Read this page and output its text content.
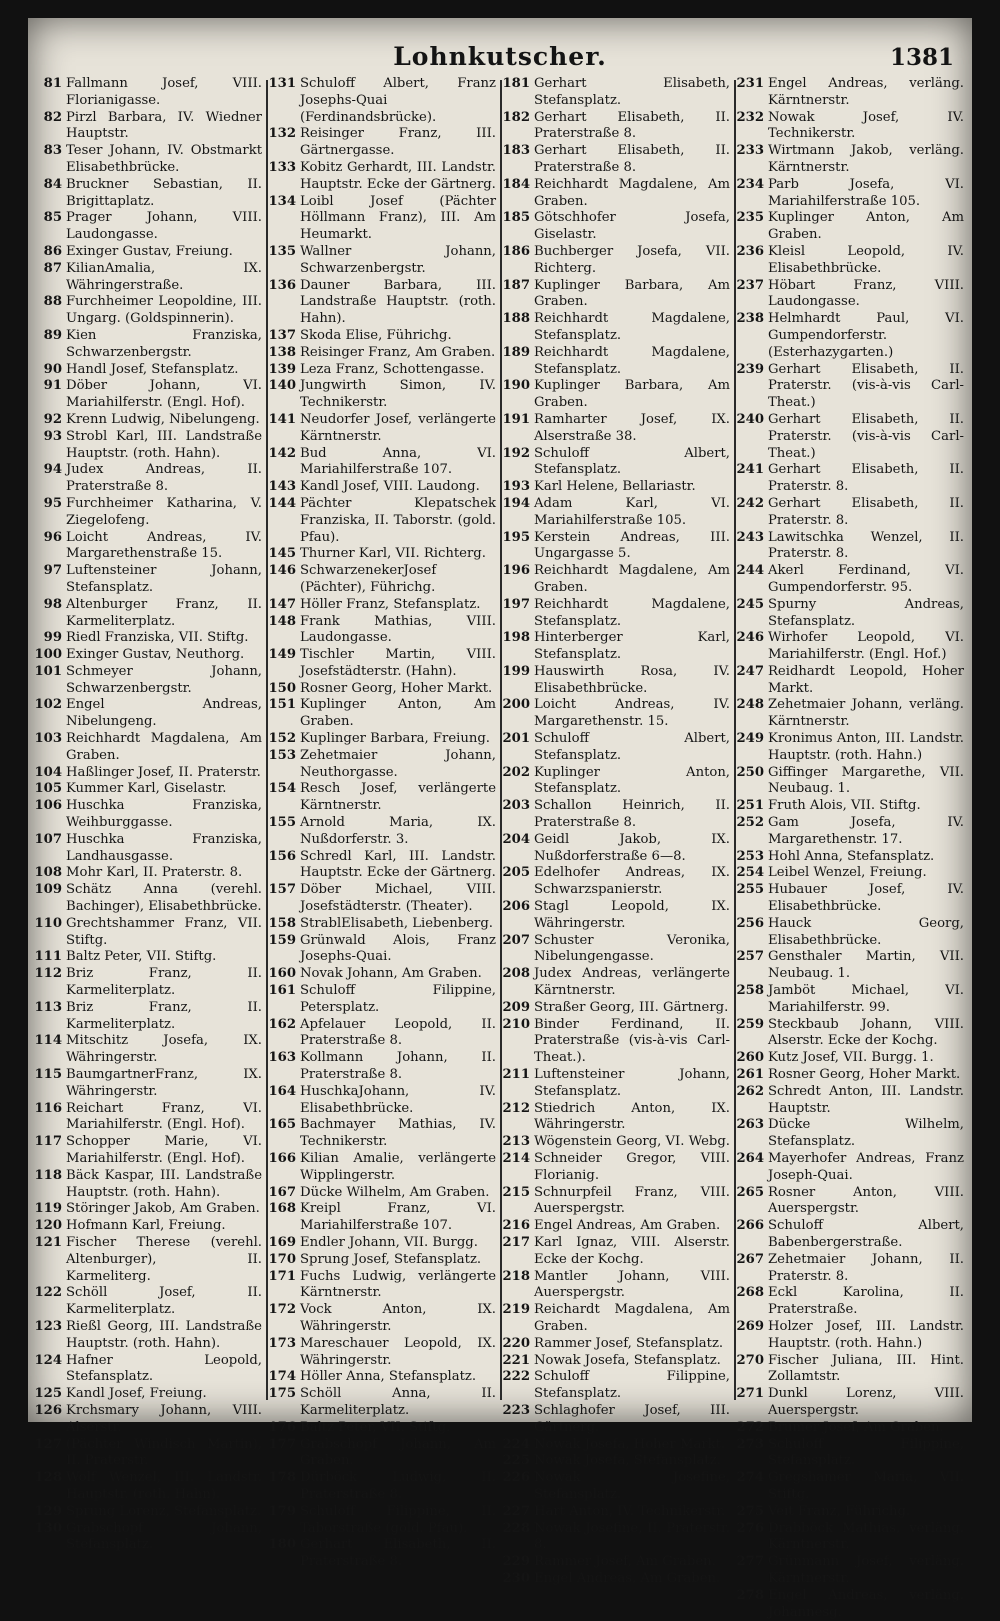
Lohnkutscher.	1381
81 Fallmann Josef, VIII. Florianigasse.
82 Pirzl Barbara, IV. Wiedner Hauptstr.
83 Teser Johann, IV. Obstmarkt Elisabethbrücke.
84 Bruckner Sebastian, II. Brigittaplatz.
85 Prager Johann, VIII. Laudongasse.
86 Exinger Gustav, Freiung.
87 KilianAmalia, IX. Währingerstraße.
88 Furchheimer Leopoldine, III. Ungarg. (Goldspinnerin).
89 Kien Franziska, Schwarzenbergstr.
90 Handl Josef, Stefansplatz.
91 Döber Johann, VI. Mariahilferstr. (Engl. Hof).
92 Krenn Ludwig, Nibelungeng.
93 Strobl Karl, III. Landstraße Hauptstr. (roth. Hahn).
94 Judex Andreas, II. Praterstraße 8.
95 Furchheimer Katharina, V. Ziegelofeng.
96 Loicht Andreas, IV. Margarethenstraße 15.
97 Luftensteiner Johann, Stefansplatz.
98 Altenburger Franz, II. Karmeliterplatz.
99 Riedl Franziska, VII. Stiftg.
100 Exinger Gustav, Neuthorg.
101 Schmeyer Johann, Schwarzenbergstr.
102 Engel Andreas, Nibelungeng.
103 Reichhardt Magdalena, Am Graben.
104 Haßlinger Josef, II. Praterstr.
105 Kummer Karl, Giselastr.
106 Huschka Franziska, Weihburggasse.
107 Huschka Franziska, Landhausgasse.
108 Mohr Karl, II. Praterstr. 8.
109 Schätz Anna (verehl. Bachinger), Elisabethbrücke.
110 Grechtshammer Franz, VII. Stiftg.
111 Baltz Peter, VII. Stiftg.
112 Briz Franz, II. Karmeliterplatz.
113 Briz Franz, II. Karmeliterplatz.
114 Mitschitz Josefa, IX. Währingerstr.
115 BaumgartnerFranz, IX. Währingerstr.
116 Reichart Franz, VI. Mariahilferstr. (Engl. Hof).
117 Schopper Marie, VI. Mariahilferstr. (Engl. Hof).
118 Bäck Kaspar, III. Landstraße Hauptstr. (roth. Hahn).
119 Störinger Jakob, Am Graben.
120 Hofmann Karl, Freiung.
121 Fischer Therese (verehl. Altenburger), II. Karmeliterg.
122 Schöll Josef, II. Karmeliterplatz.
123 Rießl Georg, III. Landstraße Hauptstr. (roth. Hahn).
124 Hafner Leopold, Stefansplatz.
125 Kandl Josef, Freiung.
126 Krchsmary Johann, VIII. Alserstr.
127 (Pächter Windisch Martin), II. Praterstr.
128 Wolf Wenzel, III. Landstr. Hauptstr. (roth. Hahn).
129 Sprung Lorenz, Stefansplatz.
130 Grabschopf Johann, Stefansplatz.
131 Schuloff Albert, Franz Josephs-Quai (Ferdinandsbrücke).
132 Reisinger Franz, III. Gärtnergasse.
133 Kobitz Gerhardt, III. Landstr. Hauptstr. Ecke der Gärtnerg.
134 Loibl Josef (Pächter Höllmann Franz), III. Am Heumarkt.
135 Wallner Johann, Schwarzenbergstr.
136 Dauner Barbara, III. Landstraße Hauptstr. (roth. Hahn).
137 Skoda Elise, Führichg.
138 Reisinger Franz, Am Graben.
139 Leza Franz, Schottengasse.
140 Jungwirth Simon, IV. Technikerstr.
141 Neudorfer Josef, verlängerte Kärntnerstr.
142 Bud Anna, VI. Mariahilferstraße 107.
143 Kandl Josef, VIII. Laudong.
144 Pächter Klepatschek Franziska, II. Taborstr. (gold. Pfau).
145 Thurner Karl, VII. Richterg.
146 SchwarzenekerJosef (Pächter), Führichg.
147 Höller Franz, Stefansplatz.
148 Frank Mathias, VIII. Laudongasse.
149 Tischler Martin, VIII. Josefstädterstr. (Hahn).
150 Rosner Georg, Hoher Markt.
151 Kuplinger Anton, Am Graben.
152 Kuplinger Barbara, Freiung.
153 Zehetmaier Johann, Neuthorgasse.
154 Resch Josef, verlängerte Kärntnerstr.
155 Arnold Maria, IX. Nußdorferstr. 3.
156 Schredl Karl, III. Landstr. Hauptstr. Ecke der Gärtnerg.
157 Döber Michael, VIII. Josefstädterstr. (Theater).
158 StrablElisabeth, Liebenberg.
159 Grünwald Alois, Franz Josephs-Quai.
160 Novak Johann, Am Graben.
161 Schuloff Filippine, Petersplatz.
162 Apfelauer Leopold, II. Praterstraße 8.
163 Kollmann Johann, II. Praterstraße 8.
164 HuschkaJohann, IV. Elisabethbrücke.
165 Bachmayer Mathias, IV. Technikerstr.
166 Kilian Amalie, verlängerte Wipplingerstr.
167 Dücke Wilhelm, Am Graben.
168 Kreipl Franz, VI. Mariahilferstraße 107.
169 Endler Johann, VII. Burgg.
170 Sprung Josef, Stefansplatz.
171 Fuchs Ludwig, verlängerte Kärntnerstr.
172 Vock Anton, IX. Währingerstr.
173 Mareschauer Leopold, IX. Währingerstr.
174 Höller Anna, Stefansplatz.
175 Schöll Anna, II. Karmeliterplatz.
176 Baltz Peter, VII. Stiftg.
177 Grabschopf Johann, Am Graben.
178 Dürböck Ludwig, II. Praterstraße 8.
179 Schuloff Filippine, II. Taborstraße (gold. Pfau).
180 Gerhart Elisabeth, II. Praterstraße 8.
181 Gerhart Elisabeth, Stefansplatz.
182 Gerhart Elisabeth, II. Praterstraße 8.
183 Gerhart Elisabeth, II. Praterstraße 8.
184 Reichhardt Magdalene, Am Graben.
185 Götschhofer Josefa, Giselastr.
186 Buchberger Josefa, VII. Richterg.
187 Kuplinger Barbara, Am Graben.
188 Reichhardt Magdalene, Stefansplatz.
189 Reichhardt Magdalene, Stefansplatz.
190 Kuplinger Barbara, Am Graben.
191 Ramharter Josef, IX. Alserstraße 38.
192 Schuloff Albert, Stefansplatz.
193 Karl Helene, Bellariastr.
194 Adam Karl, VI. Mariahilferstraße 105.
195 Kerstein Andreas, III. Ungargasse 5.
196 Reichhardt Magdalene, Am Graben.
197 Reichhardt Magdalene, Stefansplatz.
198 Hinterberger Karl, Stefansplatz.
199 Hauswirth Rosa, IV. Elisabethbrücke.
200 Loicht Andreas, IV. Margarethenstr. 15.
201 Schuloff Albert, Stefansplatz.
202 Kuplinger Anton, Stefansplatz.
203 Schallon Heinrich, II. Praterstraße 8.
204 Geidl Jakob, IX. Nußdorferstraße 6—8.
205 Edelhofer Andreas, IX. Schwarzspanierstr.
206 Stagl Leopold, IX. Währingerstr.
207 Schuster Veronika, Nibelungengasse.
208 Judex Andreas, verlängerte Kärntnerstr.
209 Straßer Georg, III. Gärtnerg.
210 Binder Ferdinand, II. Praterstraße (vis-à-vis Carl-Theat.).
211 Luftensteiner Johann, Stefansplatz.
212 Stiedrich Anton, IX. Währingerstr.
213 Wögenstein Georg, VI. Webg.
214 Schneider Gregor, VIII. Florianig.
215 Schnurpfeil Franz, VIII. Auerspergstr.
216 Engel Andreas, Am Graben.
217 Karl Ignaz, VIII. Alserstr. Ecke der Kochg.
218 Mantler Johann, VIII. Auerspergstr.
219 Reichardt Magdalena, Am Graben.
220 Rammer Josef, Stefansplatz.
221 Nowak Josefa, Stefansplatz.
222 Schuloff Filippine, Stefansplatz.
223 Schlaghofer Josef, III. Gärtnerg.
224 Nowak Josefa, Hoher Markt.
225 Nowak Josefa, Stefansplatz.
226 Nowak Josefine, Stefansplatz.
227 Hart Anton, IV. Technikerstr.
228 Nowak Josefine, II. Praterstr. 8.
229 Rammer Josef, Am Graben.
230 Engel Andreas, Am Graben.
231 Engel Andreas, verläng. Kärntnerstr.
232 Nowak Josef, IV. Technikerstr.
233 Wirtmann Jakob, verläng. Kärntnerstr.
234 Parb Josefa, VI. Mariahilferstraße 105.
235 Kuplinger Anton, Am Graben.
236 Kleisl Leopold, IV. Elisabethbrücke.
237 Höbart Franz, VIII. Laudongasse.
238 Helmhardt Paul, VI. Gumpendorferstr. (Esterhazygarten.)
239 Gerhart Elisabeth, II. Praterstr. (vis-à-vis Carl-Theat.)
240 Gerhart Elisabeth, II. Praterstr. (vis-à-vis Carl-Theat.)
241 Gerhart Elisabeth, II. Praterstr. 8.
242 Gerhart Elisabeth, II. Praterstr. 8.
243 Lawitschka Wenzel, II. Praterstr. 8.
244 Akerl Ferdinand, VI. Gumpendorferstr. 95.
245 Spurny Andreas, Stefansplatz.
246 Wirhofer Leopold, VI. Mariahilferstr. (Engl. Hof.)
247 Reidhardt Leopold, Hoher Markt.
248 Zehetmaier Johann, verläng. Kärntnerstr.
249 Kronimus Anton, III. Landstr. Hauptstr. (roth. Hahn.)
250 Giffinger Margarethe, VII. Neubaug. 1.
251 Fruth Alois, VII. Stiftg.
252 Gam Josefa, IV. Margarethenstr. 17.
253 Hohl Anna, Stefansplatz.
254 Leibel Wenzel, Freiung.
255 Hubauer Josef, IV. Elisabethbrücke.
256 Hauck Georg, Elisabethbrücke.
257 Gensthaler Martin, VII. Neubaug. 1.
258 Jamböt Michael, VI. Mariahilferstr. 99.
259 Steckbaub Johann, VIII. Alserstr. Ecke der Kochg.
260 Kutz Josef, VII. Burgg. 1.
261 Rosner Georg, Hoher Markt.
262 Schredt Anton, III. Landstr. Hauptstr.
263 Dücke Wilhelm, Stefansplatz.
264 Mayerhofer Andreas, Franz Joseph-Quai.
265 Rosner Anton, VIII. Auerspergstr.
266 Schuloff Albert, Babenbergerstraße.
267 Zehetmaier Johann, II. Praterstr. 8.
268 Eckl Karolina, II. Praterstraße.
269 Holzer Josef, III. Landstr. Hauptstr. (roth. Hahn.)
270 Fischer Juliana, III. Hint. Zollamtstr.
271 Dunkl Lorenz, VIII. Auerspergstr.
272 Brumer Josef, Am Graben.
273 Schuloff Filippine, Stefansplatz.
274 Gregshamer Maria, VII. Stiftg.
275 Veit Franz, Führichg.
276 Drabböck Mathias, verläng. Kärntnerstr.
277 Grünmann Josef, verläng. Kärntnerstr.
278 Engel Andreas, verläng. Johannesg.
